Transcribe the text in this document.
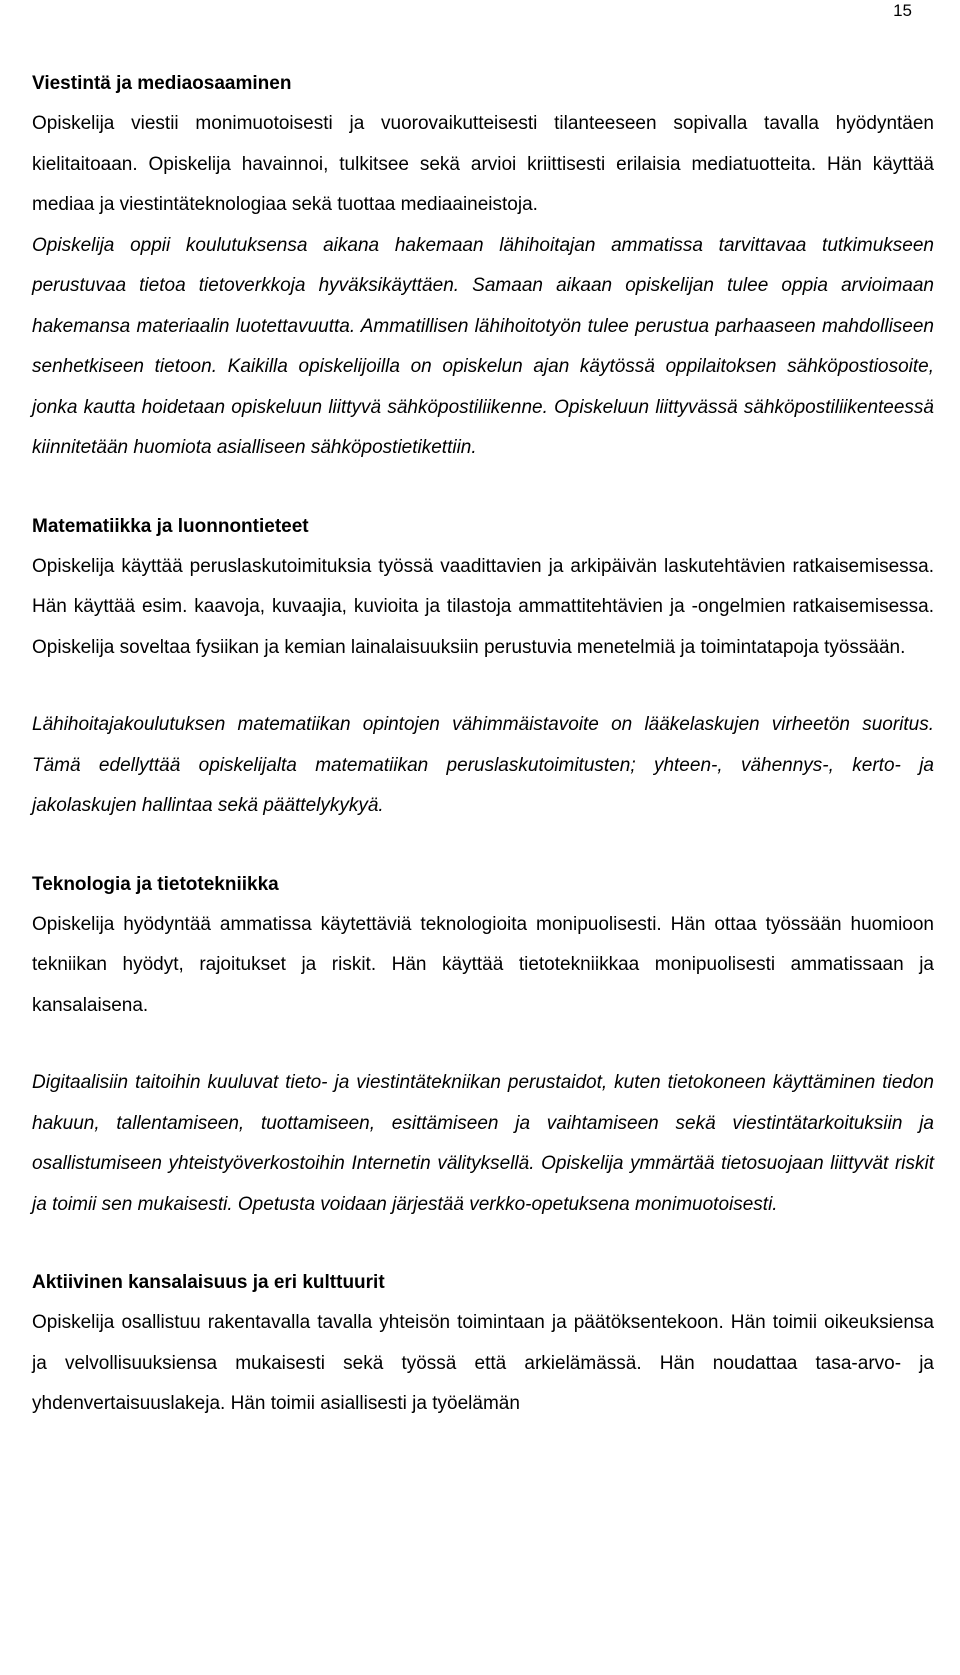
15
Viestintä ja mediaosaaminen

Opiskelija viestii monimuotoisesti ja vuorovaikutteisesti tilanteeseen sopivalla tavalla hyödyntäen kielitaitoaan. Opiskelija havainnoi, tulkitsee sekä arvioi kriittisesti erilaisia mediatuotteita. Hän käyttää mediaa ja viestintäteknologiaa sekä tuottaa mediaaineistoja.

Opiskelija oppii koulutuksensa aikana hakemaan lähihoitajan ammatissa tarvittavaa tutkimukseen perustuvaa tietoa tietoverkkoja hyväksikäyttäen. Samaan aikaan opiskelijan tulee oppia arvioimaan hakemansa materiaalin luotettavuutta. Ammatillisen lähihoitotyön tulee perustua parhaaseen mahdolliseen senhetkiseen tietoon. Kaikilla opiskelijoilla on opiskelun ajan käytössä oppilaitoksen sähköpostiosoite, jonka kautta hoidetaan opiskeluun liittyvä sähköpostiliikenne. Opiskeluun liittyvässä sähköpostiliikenteessä kiinnitetään huomiota asialliseen sähköpostietikettiin.

Matematiikka ja luonnontieteet

Opiskelija käyttää peruslaskutoimituksia työssä vaadittavien ja arkipäivän laskutehtävien ratkaisemisessa. Hän käyttää esim. kaavoja, kuvaajia, kuvioita ja tilastoja ammattitehtävien ja -ongelmien ratkaisemisessa. Opiskelija soveltaa fysiikan ja kemian lainalaisuuksiin perustuvia menetelmiä ja toimintatapoja työssään.

Lähihoitajakoulutuksen matematiikan opintojen vähimmäistavoite on lääkelaskujen virheetön suoritus. Tämä edellyttää opiskelijalta matematiikan peruslaskutoimitusten; yhteen-, vähennys-, kerto- ja jakolaskujen hallintaa sekä päättelykykyä.

Teknologia ja tietotekniikka

Opiskelija hyödyntää ammatissa käytettäviä teknologioita monipuolisesti. Hän ottaa työssään huomioon tekniikan hyödyt, rajoitukset ja riskit. Hän käyttää tietotekniikkaa monipuolisesti ammatissaan ja kansalaisena.

Digitaalisiin taitoihin kuuluvat tieto- ja viestintätekniikan perustaidot, kuten tietokoneen käyttäminen tiedon hakuun, tallentamiseen, tuottamiseen, esittämiseen ja vaihtamiseen sekä viestintätarkoituksiin ja osallistumiseen yhteistyöverkostoihin Internetin välityksellä. Opiskelija ymmärtää tietosuojaan liittyvät riskit ja toimii sen mukaisesti. Opetusta voidaan järjestää verkko-opetuksena monimuotoisesti.

Aktiivinen kansalaisuus ja eri kulttuurit

Opiskelija osallistuu rakentavalla tavalla yhteisön toimintaan ja päätöksentekoon. Hän toimii oikeuksiensa ja velvollisuuksiensa mukaisesti sekä työssä että arkielämässä. Hän noudattaa tasa-arvo- ja yhdenvertaisuuslakeja. Hän toimii asiallisesti ja työelämän
